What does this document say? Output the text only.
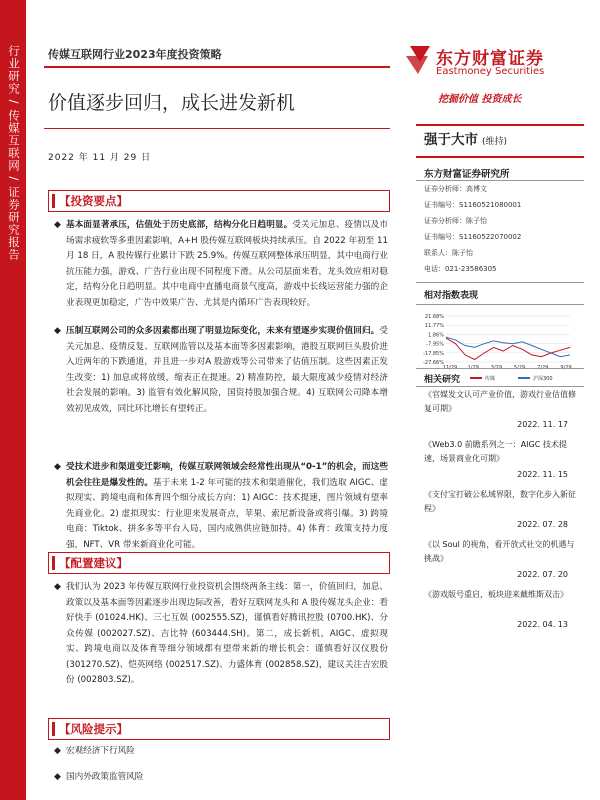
行业研究 / 传媒互联网 / 证券研究报告 传媒互联网行业2023年度投资策略
价值逐步回归，成长进发新机
2022 年 11 月 29 日
东方财富证券
Eastmoney Securities
挖掘价值 投资成长
强于大市 (维持)
东方财富证券研究所
证券分析师：高博文
证书编号：S1160521080001
证券分析师：陈子怡
证书编号：S1160522070002
联系人：陈子怡
电话：021-23586305
相对指数表现
21.68%
11.77%
1.86%
-7.95%
-17.85%
-27.66%
传媒	沪深300
相关研究
《官媒发文认可产业价值，游戏行业估值修复可期》
2022. 11. 17
《Web3.0 前瞻系列之一：AIGC 技术提速，场景商业化可期》
2022. 11. 15
《支付宝打破公私域界限，数字化步入新征程》
2022. 07. 28
《以 Soul 的视角，看开放式社交的机遇与挑战》
2022. 07. 20
《游戏版号重启，板块迎来戴维斯双击》
2022. 04. 13
【投资要点】
◆ 基本面显著承压，估值处于历史底部，结构分化日趋明显。受关元加息、疫情以及市场需求疲软等多重因素影响，A+H 股传媒互联网板块持续承压。自 2022 年初至 11 月 18 日，A 股传媒行业累计下跌 25.9%。传媒互联网整体承压明显，其中电商行业抗压能力强，游戏、广告行业出现不同程度下滑。从公司层面来看，龙头效应相对稳定，结构分化日趋明显。其中电商中直播电商景气度高，游戏中长线运营能力强的企业表现更加稳定，广告中效果广告、尤其是内循环广告表现较好。
◆ 压制互联网公司的众多因素都出现了明显边际变化，未来有望逐步实现价值回归。受关元加息、疫情反复、互联网监管以及基本面等多因素影响，港股互联网巨头股价进入近两年的下跌通道，并且进一步对A 股游戏等公司带来了估值压制。这些因素正发生改变：1) 加息或将放缓，缩表正在提速。2) 精准防控，最大限度减少疫情对经济社会发展的影响。3) 监管有效化解风险，国资持股加强合规。4) 互联网公司降本增效初见成效，同比环比增长有望转正。
◆ 受技术进步和渠道变迁影响，传媒互联网领域会经常性出现从“0-1”的机会，而这些机会往往是爆发性的。基于未来 1-2 年可能的技术和渠道催化，我们选取 AIGC、虚拟现实、跨境电商和体育四个细分成长方向：1) AIGC：技术提速，图片领域有望率先商业化。2) 虚拟现实：行业迎来发展奇点，苹果、索尼新设备或将引爆。3) 跨境电商：Tiktok、拼多多等平台入局，国内成熟供应链加持。4) 体育：政策支持力度强，NFT、VR 带来新商业化可能。
【配置建议】
◆ 我们认为 2023 年传媒互联网行业投资机会围绕两条主线：第一，价值回归，加息、政策以及基本面等因素逐步出现边际改善，看好互联网龙头和 A 股传媒龙头企业：看好快手 (01024.HK)、三七互娱 (002555.SZ)，谨慎看好腾讯控股 (0700.HK)、分众传媒 (002027.SZ)、吉比特 (603444.SH)。第二，成长新机，AIGC、虚拟现实、跨境电商以及体育等细分领域都有望带来新的增长机会：谨慎看好汉仪股份 (301270.SZ)、恺英网络 (002517.SZ)、力盛体育 (002858.SZ)，建议关注吉宏股份 (002803.SZ)。
【风险提示】
◆ 宏观经济下行风险
◆ 国内外政策监管风险
